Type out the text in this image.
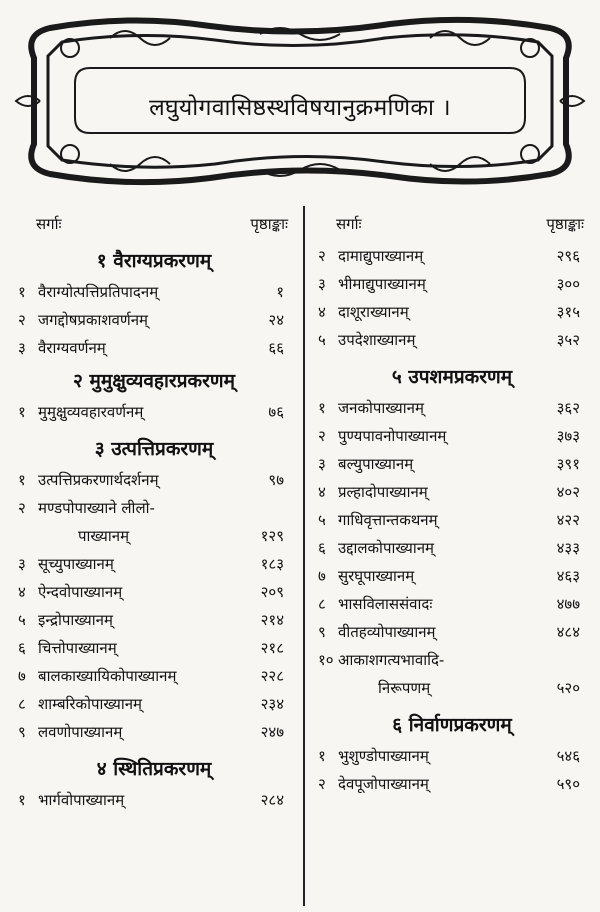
लघुयोगवासिष्ठस्थविषयानुक्रमणिका ।
सर्गाः	पृष्ठाङ्काः
१ वैराग्यप्रकरणम्
१ वैराग्योत्पत्तिप्रतिपादनम्	१
२ जगद्दोषप्रकाशवर्णनम्	२४
३ वैराग्यवर्णनम्	६६
२ मुमुक्षुव्यवहारप्रकरणम्
१ मुमुक्षुव्यवहारवर्णनम्	७६
३ उत्पत्तिप्रकरणम्
१ उत्पत्तिप्रकरणार्थदर्शनम्	९७
२ मण्डपोपाख्याने लीलो-
पाख्यानम्	१२९
३ सूच्युपाख्यानम्	१८३
४ ऐन्दवोपाख्यानम्	२०९
५ इन्द्रोपाख्यानम्	२१४
६ चित्तोपाख्यानम्	२१८
७ बालकाख्यायिकोपाख्यानम्	२२८
८ शाम्बरिकोपाख्यानम्	२३४
९ लवणोपाख्यानम्	२४७
४ स्थितिप्रकरणम्
१ भार्गवोपाख्यानम्	२८४
सर्गाः	पृष्ठाङ्काः
२ दामाद्युपाख्यानम्	२९६
३ भीमाद्युपाख्यानम्	३००
४ दाशूराख्यानम्	३१५
५ उपदेशाख्यानम्	३५२
५ उपशमप्रकरणम्
१ जनकोपाख्यानम्	३६२
२ पुण्यपावनोपाख्यानम्	३७३
३ बल्युपाख्यानम्	३९१
४ प्रल्हादोपाख्यानम्	४०२
५ गाधिवृत्तान्तकथनम्	४२२
६ उद्दालकोपाख्यानम्	४३३
७ सुरघूपाख्यानम्	४६३
८ भासविलाससंवादः	४७७
९ वीतहव्योपाख्यानम्	४८४
१० आकाशगत्यभावादि-
निरूपणम्	५२०
६ निर्वाणप्रकरणम्
१ भुशुण्डोपाख्यानम्	५४६
२ देवपूजोपाख्यानम्	५९०
